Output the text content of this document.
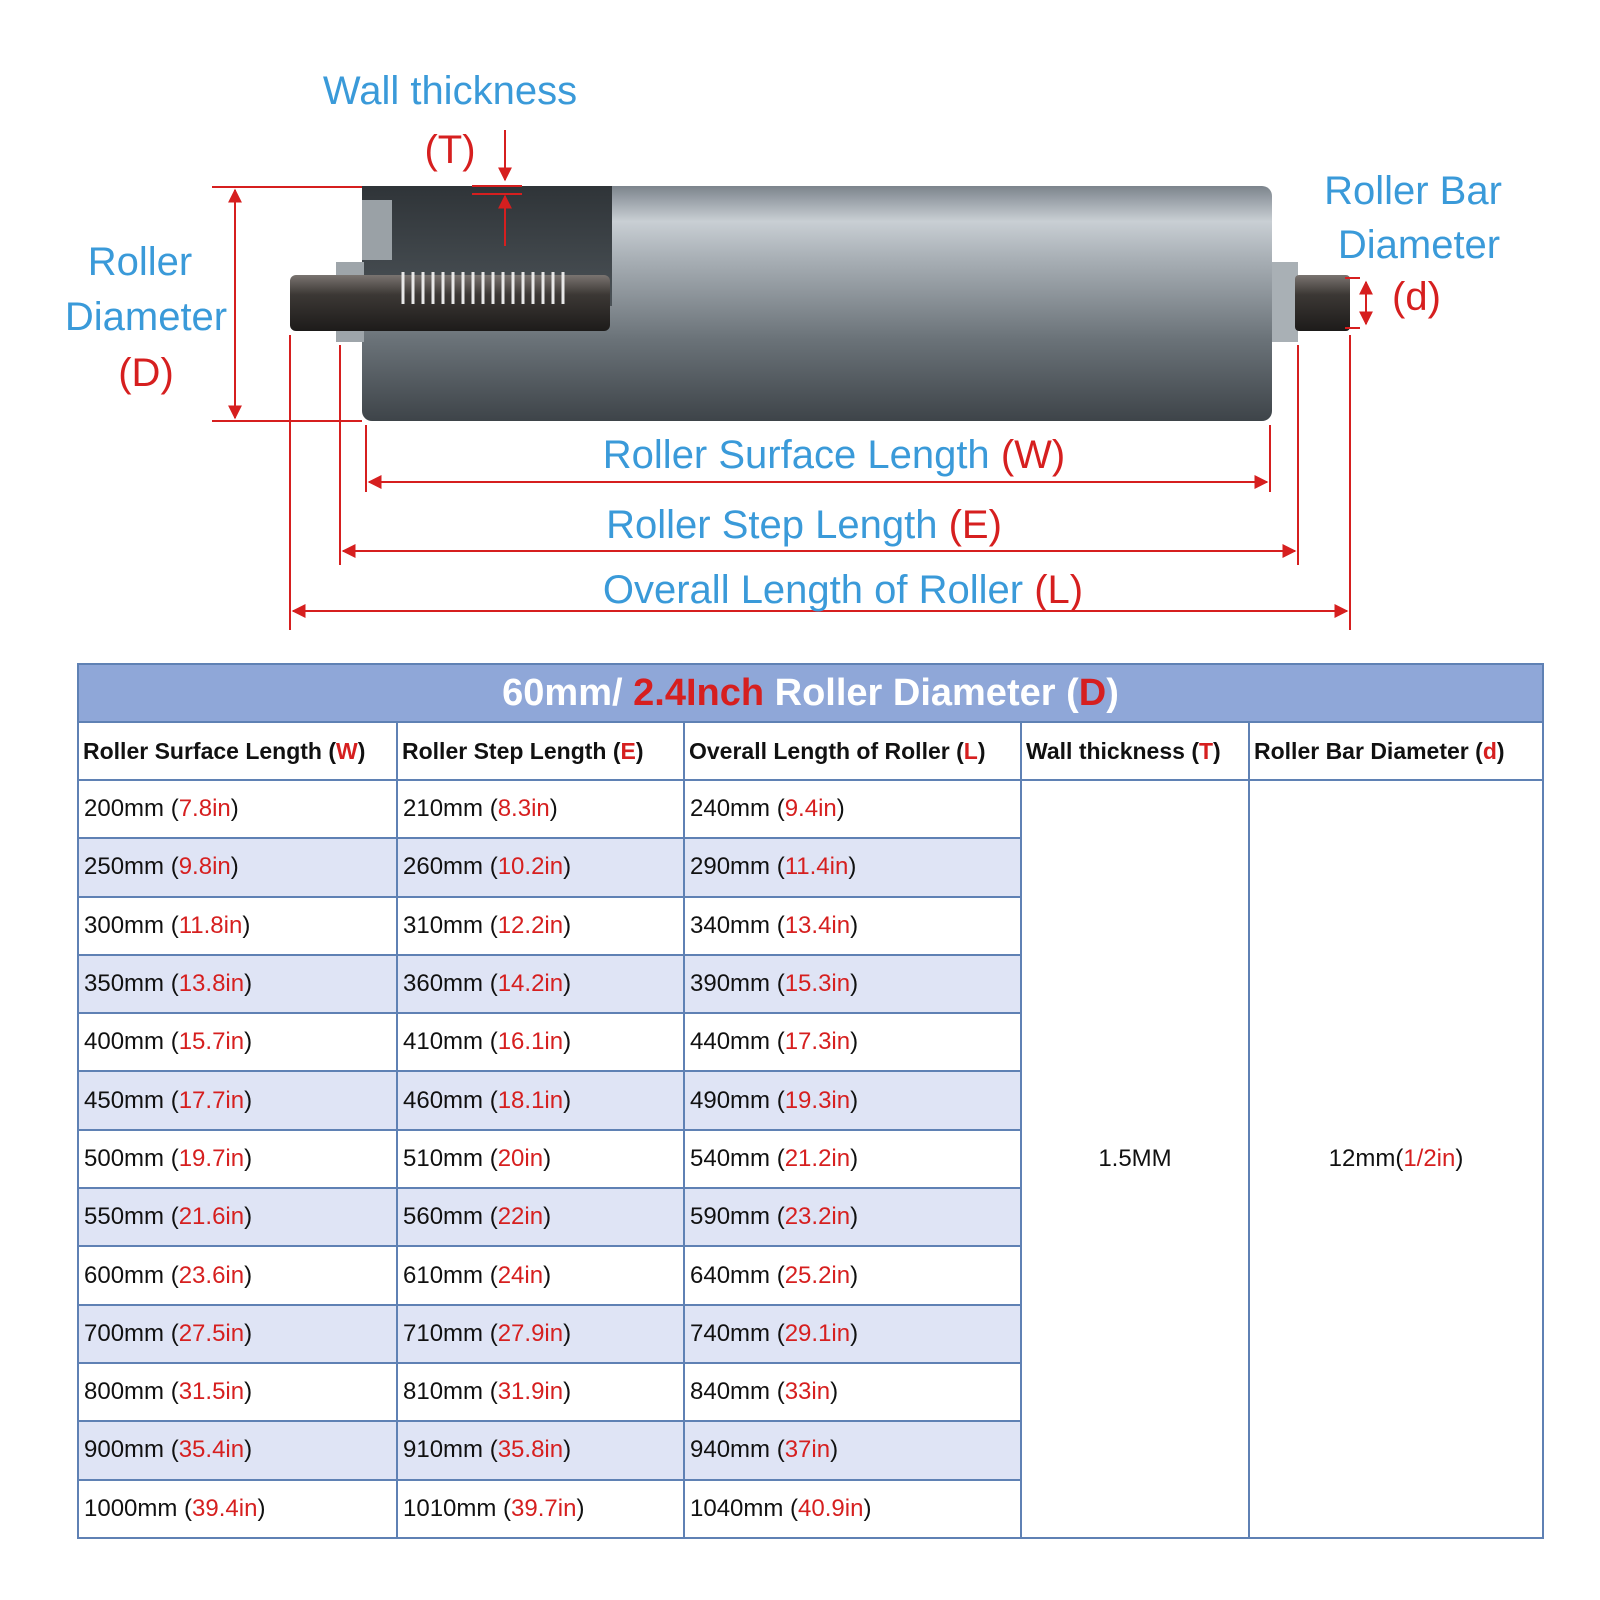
Wall thickness
(T)
Roller
Diameter
(D)
Roller Bar
Diameter
(d)
Roller Surface Length (W)
Roller Step Length (E)
Overall Length of Roller (L)
60mm/ 2.4Inch Roller Diameter (D)				
Roller Surface Length (W)	Roller Step Length (E)	Overall Length of Roller (L)	Wall thickness (T)	Roller Bar Diameter (d)
200mm (7.8in)	210mm (8.3in)	240mm (9.4in)	1.5MM	12mm(1/2in)
250mm (9.8in)	260mm (10.2in)	290mm (11.4in)		
300mm (11.8in)	310mm (12.2in)	340mm (13.4in)		
350mm (13.8in)	360mm (14.2in)	390mm (15.3in)		
400mm (15.7in)	410mm (16.1in)	440mm (17.3in)		
450mm (17.7in)	460mm (18.1in)	490mm (19.3in)		
500mm (19.7in)	510mm (20in)	540mm (21.2in)		
550mm (21.6in)	560mm (22in)	590mm (23.2in)		
600mm (23.6in)	610mm (24in)	640mm (25.2in)		
700mm (27.5in)	710mm (27.9in)	740mm (29.1in)		
800mm (31.5in)	810mm (31.9in)	840mm (33in)		
900mm (35.4in)	910mm (35.8in)	940mm (37in)		
1000mm (39.4in)	1010mm (39.7in)	1040mm (40.9in)		
